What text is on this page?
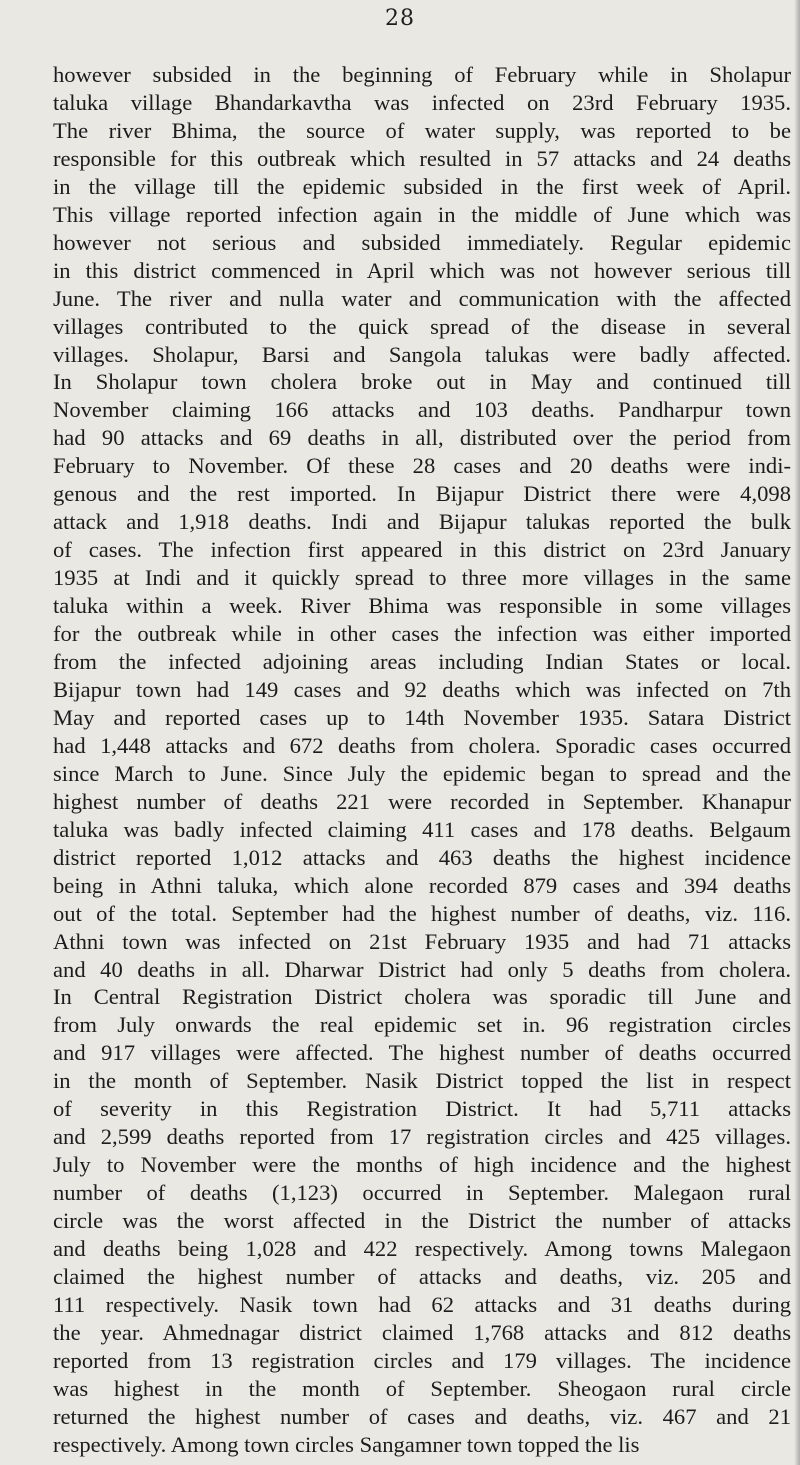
28
however subsided in the beginning of February while in Sholapur
taluka village Bhandarkavtha was infected on 23rd February 1935.
The river Bhima, the source of water supply, was reported to be
responsible for this outbreak which resulted in 57 attacks and 24 deaths
in the village till the epidemic subsided in the first week of April.
This village reported infection again in the middle of June which was
however not serious and subsided immediately. Regular epidemic
in this district commenced in April which was not however serious till
June. The river and nulla water and communication with the affected
villages contributed to the quick spread of the disease in several
villages. Sholapur, Barsi and Sangola talukas were badly affected.
In Sholapur town cholera broke out in May and continued till
November claiming 166 attacks and 103 deaths. Pandharpur town
had 90 attacks and 69 deaths in all, distributed over the period from
February to November. Of these 28 cases and 20 deaths were indi-
genous and the rest imported. In Bijapur District there were 4,098
attack and 1,918 deaths. Indi and Bijapur talukas reported the bulk
of cases. The infection first appeared in this district on 23rd January
1935 at Indi and it quickly spread to three more villages in the same
taluka within a week. River Bhima was responsible in some villages
for the outbreak while in other cases the infection was either imported
from the infected adjoining areas including Indian States or local.
Bijapur town had 149 cases and 92 deaths which was infected on 7th
May and reported cases up to 14th November 1935. Satara District
had 1,448 attacks and 672 deaths from cholera. Sporadic cases occurred
since March to June. Since July the epidemic began to spread and the
highest number of deaths 221 were recorded in September. Khanapur
taluka was badly infected claiming 411 cases and 178 deaths. Belgaum
district reported 1,012 attacks and 463 deaths the highest incidence
being in Athni taluka, which alone recorded 879 cases and 394 deaths
out of the total. September had the highest number of deaths, viz. 116.
Athni town was infected on 21st February 1935 and had 71 attacks
and 40 deaths in all. Dharwar District had only 5 deaths from cholera.
In Central Registration District cholera was sporadic till June and
from July onwards the real epidemic set in. 96 registration circles
and 917 villages were affected. The highest number of deaths occurred
in the month of September. Nasik District topped the list in respect
of severity in this Registration District. It had 5,711 attacks
and 2,599 deaths reported from 17 registration circles and 425 villages.
July to November were the months of high incidence and the highest
number of deaths (1,123) occurred in September. Malegaon rural
circle was the worst affected in the District the number of attacks
and deaths being 1,028 and 422 respectively. Among towns Malegaon
claimed the highest number of attacks and deaths, viz. 205 and
111 respectively. Nasik town had 62 attacks and 31 deaths during
the year. Ahmednagar district claimed 1,768 attacks and 812 deaths
reported from 13 registration circles and 179 villages. The incidence
was highest in the month of September. Sheogaon rural circle
returned the highest number of cases and deaths, viz. 467 and 21
respectively. Among town circles Sangamner town topped the lis
